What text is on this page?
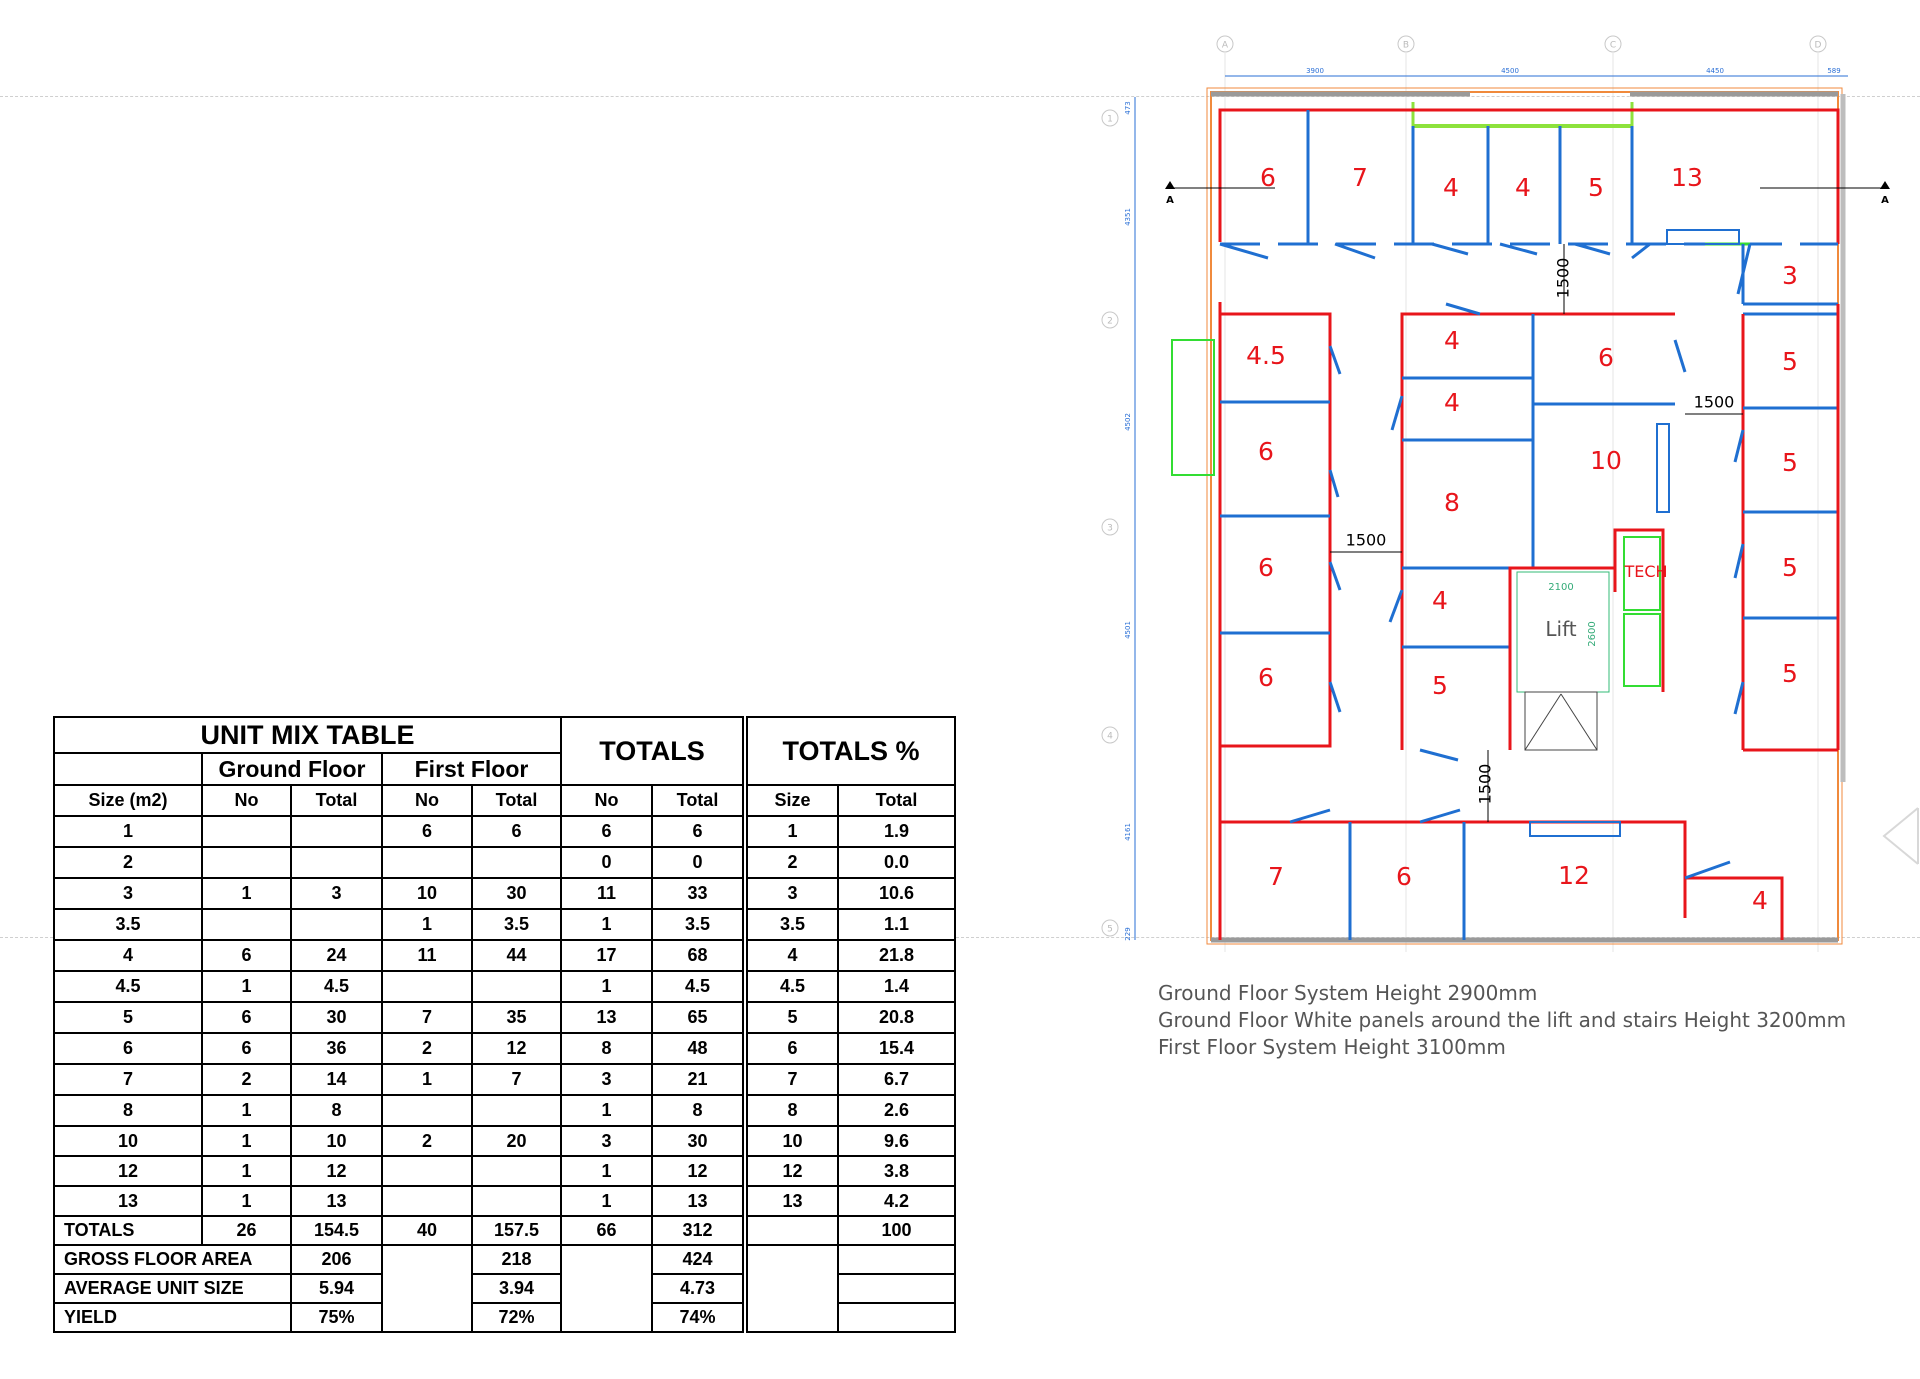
UNIT MIX TABLE					TOTALS	
	Ground Floor		First Floor			
Size (m2)	No	Total	No	Total	No	Total
1			6	6	6	6
2					0	0
3	1	3	10	30	11	33
3.5			1	3.5	1	3.5
4	6	24	11	44	17	68
4.5	1	4.5			1	4.5
5	6	30	7	35	13	65
6	6	36	2	12	8	48
7	2	14	1	7	3	21
8	1	8			1	8
10	1	10	2	20	3	30
12	1	12			1	12
13	1	13			1	13
TOTALS	26	154.5	40	157.5	66	312
GROSS FLOOR AREA		206		218		424
AVERAGE UNIT SIZE		5.94		3.94		4.73
YIELD		75%		72%		74%
TOTALS %	
Size	Total
1	1.9
2	0.0
3	10.6
3.5	1.1
4	21.8
4.5	1.4
5	20.8
6	15.4
7	6.7
8	2.6
10	9.6
12	3.8
13	4.2
	100

A	B	C	D
1
2
3
4
5
3900	4500	4450	589
473
4351
4502
4501
4161
229
A	A
1500
1500
1500
1500
6	7	4 4 5	13
3
4.5
4
6	5
4
6	10	5
8
6
4
5
6	5	5
7	6	12
4
TECH
Lift
2100
2600
Ground Floor System Height 2900mm
Ground Floor White panels around the lift and stairs Height 3200mm
First Floor System Height 3100mm
